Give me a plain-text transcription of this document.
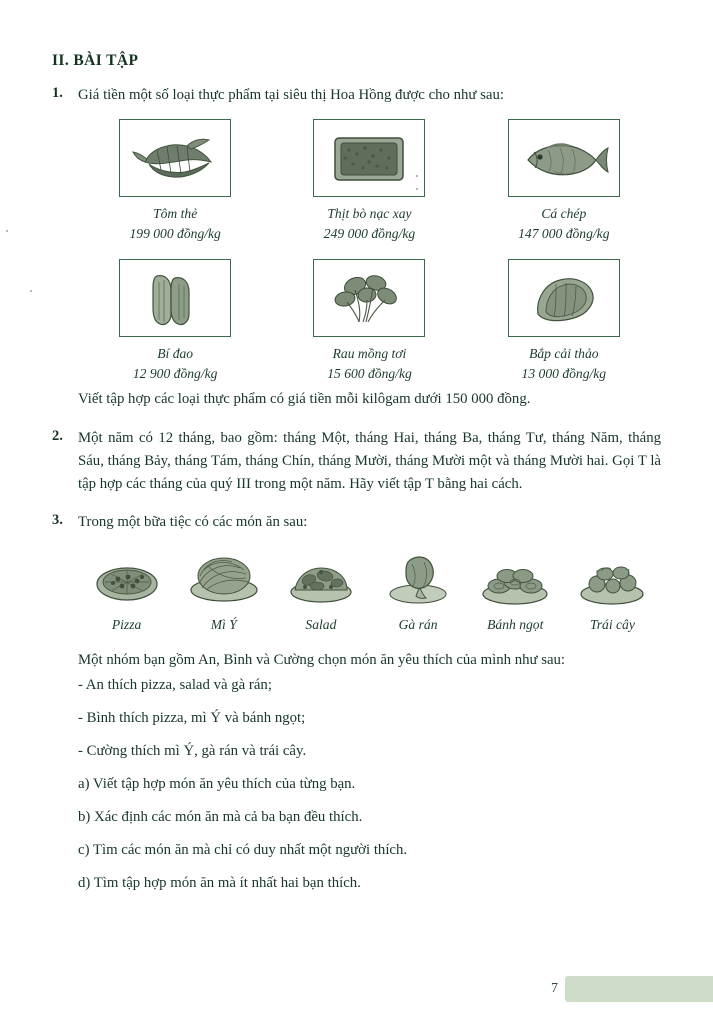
II. BÀI TẬP
1.	Giá tiền một số loại thực phẩm tại siêu thị Hoa Hồng được cho như sau:

Tôm thẻ
199 000 đồng/kg
Thịt bò nạc xay
249 000 đồng/kg
Cá chép
147 000 đồng/kg
Bí đao
12 900 đồng/kg
Rau mồng tơi
15 600 đồng/kg
Bắp cải thảo
13 000 đồng/kg

Viết tập hợp các loại thực phẩm có giá tiền mỗi kilôgam dưới 150 000 đồng.

2.	Một năm có 12 tháng, bao gồm: tháng Một, tháng Hai, tháng Ba, tháng Tư, tháng Năm, tháng Sáu, tháng Bảy, tháng Tám, tháng Chín, tháng Mười, tháng Mười một và tháng Mười hai. Gọi T là tập hợp các tháng của quý III trong một năm. Hãy viết tập T bằng hai cách.

3.	Trong một bữa tiệc có các món ăn sau:

Pizza	Mì Ý	Salad	Gà rán	Bánh ngọt	Trái cây

Một nhóm bạn gồm An, Bình và Cường chọn món ăn yêu thích của mình như sau:

- An thích pizza, salad và gà rán;

- Bình thích pizza, mì Ý và bánh ngọt;

- Cường thích mì Ý, gà rán và trái cây.

a) Viết tập hợp món ăn yêu thích của từng bạn.

b) Xác định các món ăn mà cả ba bạn đều thích.

c) Tìm các món ăn mà chỉ có duy nhất một người thích.

d) Tìm tập hợp món ăn mà ít nhất hai bạn thích.

7
